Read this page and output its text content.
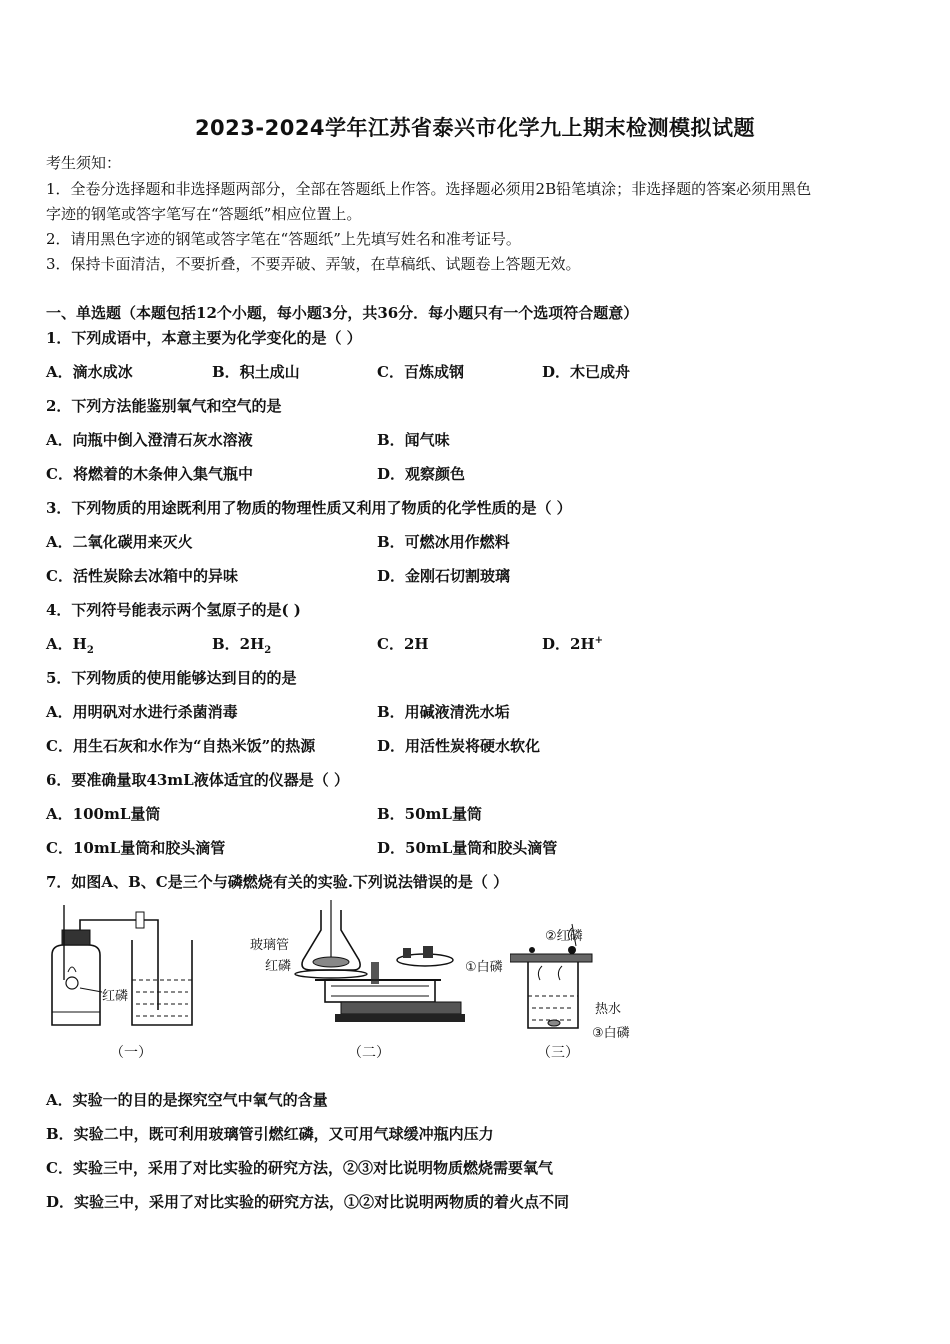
2023-2024学年江苏省泰兴市化学九上期末检测模拟试题
考生须知：
1．全卷分选择题和非选择题两部分，全部在答题纸上作答。选择题必须用2B铅笔填涂；非选择题的答案必须用黑色
字迹的钢笔或答字笔写在“答题纸”相应位置上。
2．请用黑色字迹的钢笔或答字笔在“答题纸”上先填写姓名和准考证号。
3．保持卡面清洁，不要折叠，不要弄破、弄皱，在草稿纸、试题卷上答题无效。
一、单选题（本题包括12个小题，每小题3分，共36分．每小题只有一个选项符合题意）
1．下列成语中，本意主要为化学变化的是（ ）
A．滴水成冰	B．积土成山	C．百炼成钢	D．木已成舟
2．下列方法能鉴别氧气和空气的是
A．向瓶中倒入澄清石灰水溶液	B．闻气味
C．将燃着的木条伸入集气瓶中	D．观察颜色
3．下列物质的用途既利用了物质的物理性质又利用了物质的化学性质的是（ ）
A．二氧化碳用来灭火	B．可燃冰用作燃料
C．活性炭除去冰箱中的异味	D．金刚石切割玻璃
4．下列符号能表示两个氢原子的是( )
A．$H_2$	B．$2H_2$	C．2H	D．2H+
5．下列物质的使用能够达到目的的是
A．用明矾对水进行杀菌消毒	B．用碱液清洗水垢
C．用生石灰和水作为“自热米饭”的热源	D．用活性炭将硬水软化
6．要准确量取43mL液体适宜的仪器是（ ）
A．100mL量筒	B．50mL量筒
C．10mL量筒和胶头滴管	D．50mL量筒和胶头滴管
7．如图A、B、C是三个与磷燃烧有关的实验.下列说法错误的是（ ）
红磷
（一）
玻璃管
红磷
（二）
②红磷
①白磷
热水
③白磷
（三）
A．实验一的目的是探究空气中氧气的含量
B．实验二中，既可利用玻璃管引燃红磷，又可用气球缓冲瓶内压力
C．实验三中，采用了对比实验的研究方法，②③对比说明物质燃烧需要氧气
D．实验三中，采用了对比实验的研究方法，①②对比说明两物质的着火点不同
